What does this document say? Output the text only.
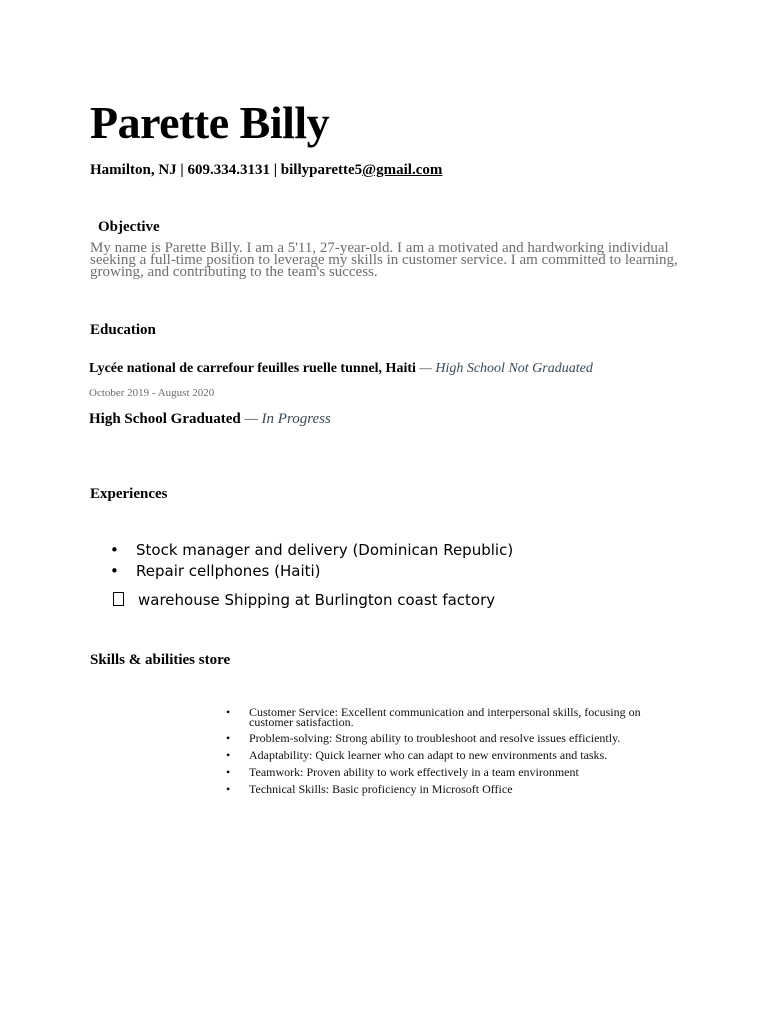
Parette Billy
Hamilton, NJ | 609.334.3131 | billyparette5@gmail.com
Objective

My name is Parette Billy. I am a 5'11, 27-year-old. I am a motivated and hardworking individual seeking a full-time position to leverage my skills in customer service. I am committed to learning, growing, and contributing to the team's success.

Education
Lycée national de carrefour feuilles ruelle tunnel, Haiti — High School Not Graduated
October 2019 - August 2020
High School Graduated — In Progress
Experiences
• Stock manager and delivery (Dominican Republic)
• Repair cellphones (Haiti)
warehouse Shipping at Burlington coast factory
Skills & abilities store
• Customer Service: Excellent communication and interpersonal skills, focusing on customer satisfaction.
• Problem-solving: Strong ability to troubleshoot and resolve issues efficiently.
• Adaptability: Quick learner who can adapt to new environments and tasks.
• Teamwork: Proven ability to work effectively in a team environment
• Technical Skills: Basic proficiency in Microsoft Office
